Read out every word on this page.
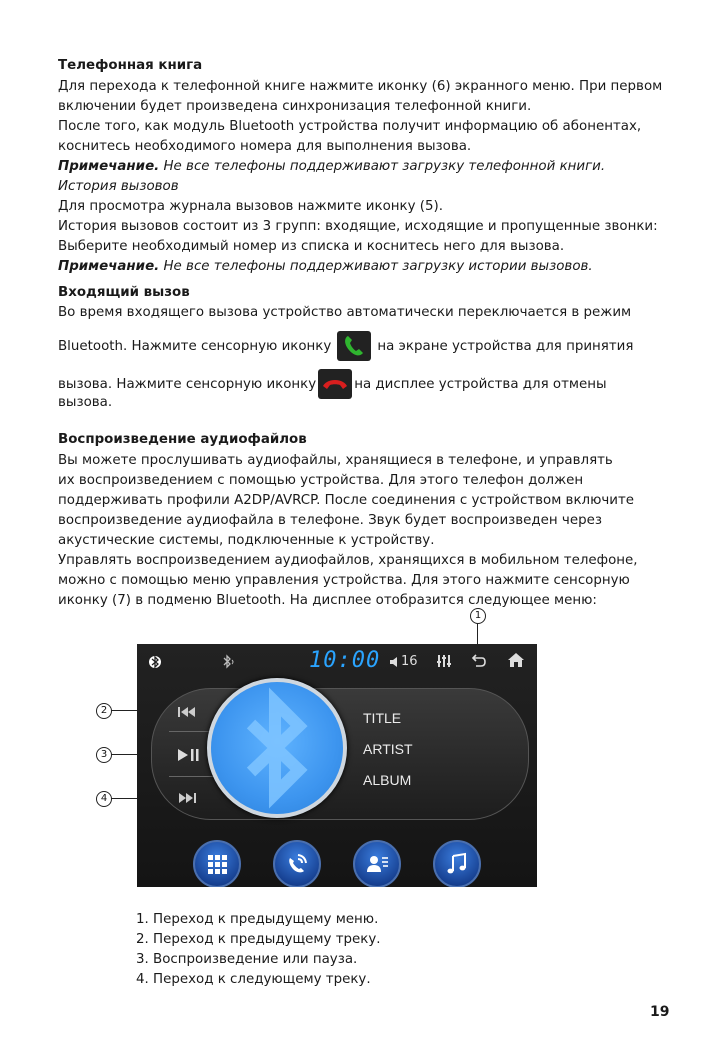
Телефонная книга
Для перехода к телефонной книге нажмите иконку (6) экранного меню. При первом
включении будет произведена синхронизация телефонной книги.
После того, как модуль Bluetooth устройства получит информацию об абонентах,
коснитесь необходимого номера для выполнения вызова.
Примечание. Не все телефоны поддерживают загрузку телефонной книги.
История вызовов
Для просмотра журнала вызовов нажмите иконку (5).
История вызовов состоит из 3 групп: входящие, исходящие и пропущенные звонки:
Выберите необходимый номер из списка и коснитесь него для вызова.
Примечание. Не все телефоны поддерживают загрузку истории вызовов.
Входящий вызов
Во время входящего вызова устройство автоматически переключается в режим
Bluetooth. Нажмите сенсорную иконку	на экране устройства для принятия
вызова. Нажмите сенсорную иконку	на дисплее устройства для отмены
вызова.
Воспроизведение аудиофайлов
Вы можете прослушивать аудиофайлы, хранящиеся в телефоне, и управлять
их воспроизведением с помощью устройства. Для этого телефон должен
поддерживать профили A2DP/AVRCP. После соединения с устройством включите
воспроизведение аудиофайла в телефоне. Звук будет воспроизведен через
акустические системы, подключенные к устройству.
Управлять воспроизведением аудиофайлов, хранящихся в мобильном телефоне,
можно с помощью меню управления устройства. Для этого нажмите сенсорную
иконку (7) в подменю Bluetooth. На дисплее отобразится следующее меню:
1
2
3
4
10:00 16
TITLE
ARTIST
ALBUM
1. Переход к предыдущему меню.
2. Переход к предыдущему треку.
3. Воспроизведение или пауза.
4. Переход к следующему треку.
19
